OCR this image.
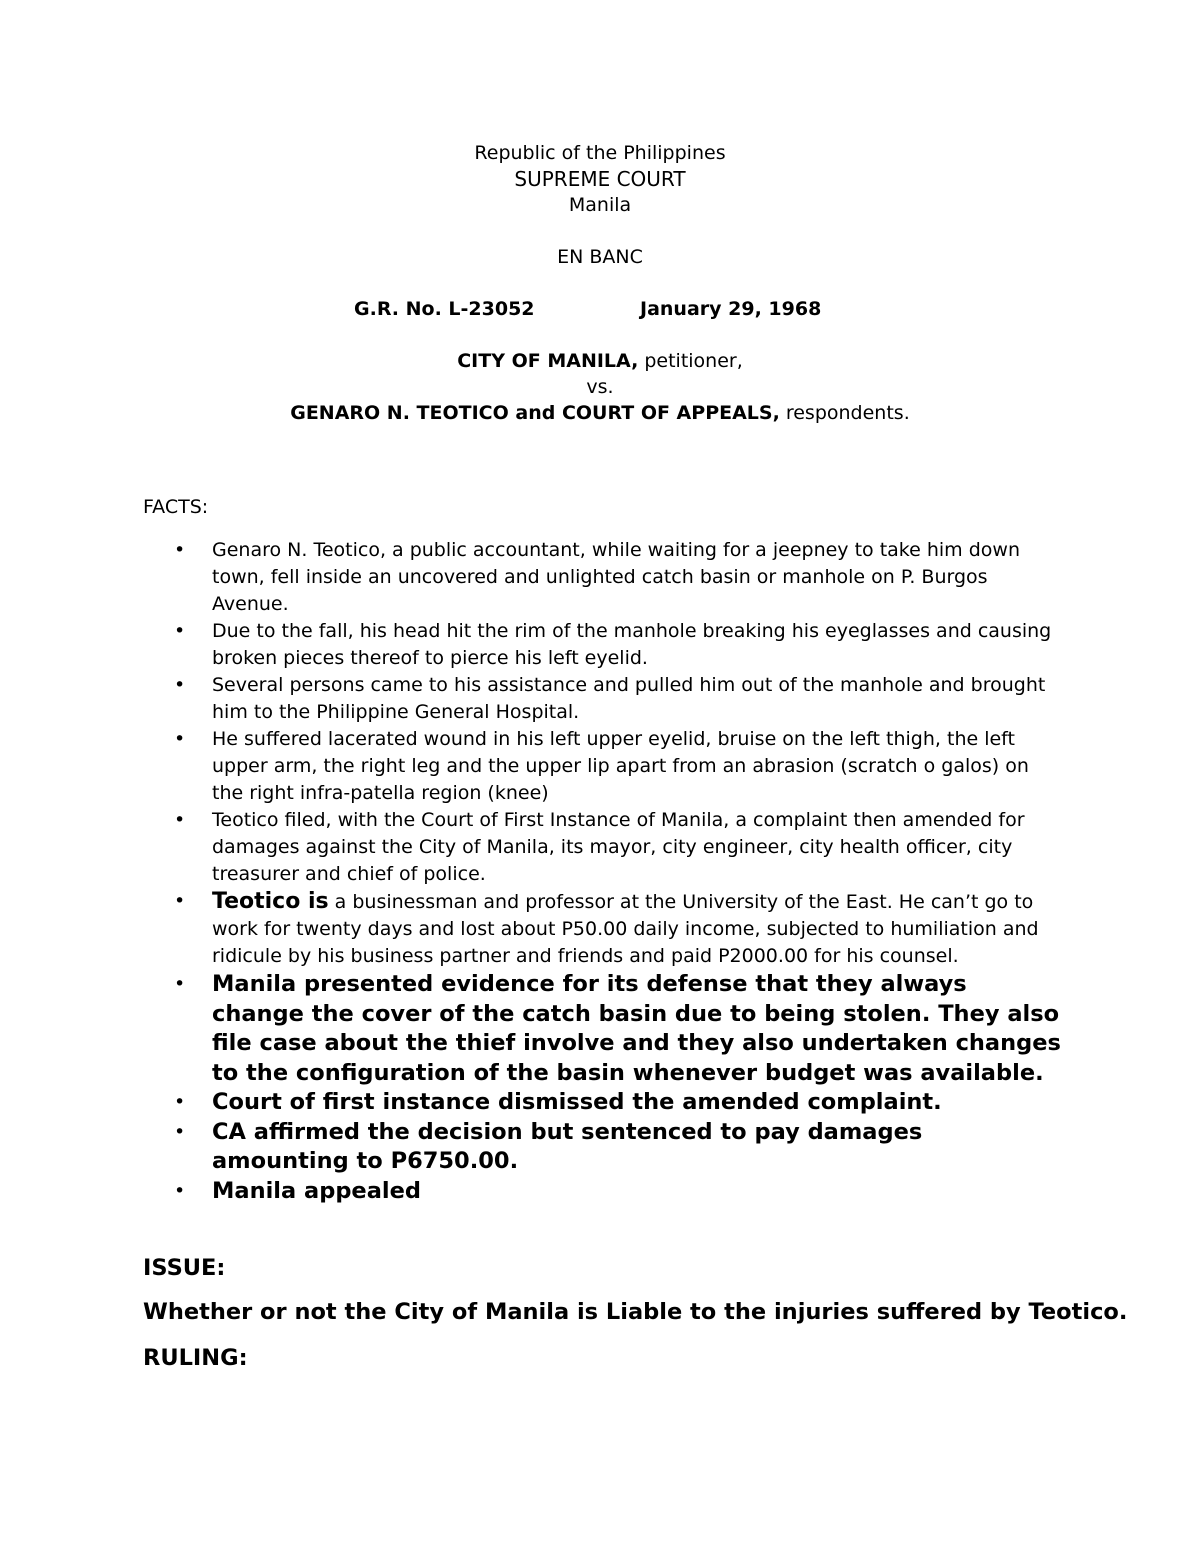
Republic of the Philippines
SUPREME COURT
Manila
EN BANC
G.R. No. L-23052	January 29, 1968
CITY OF MANILA, petitioner,
vs.
GENARO N. TEOTICO and COURT OF APPEALS, respondents.
FACTS:
• Genaro N. Teotico, a public accountant, while waiting for a jeepney to take him down town, fell inside an uncovered and unlighted catch basin or manhole on P. Burgos Avenue.
• Due to the fall, his head hit the rim of the manhole breaking his eyeglasses and causing broken pieces thereof to pierce his left eyelid.
• Several persons came to his assistance and pulled him out of the manhole and brought him to the Philippine General Hospital.
• He suffered lacerated wound in his left upper eyelid, bruise on the left thigh, the left upper arm, the right leg and the upper lip apart from an abrasion (scratch o galos) on the right infra-patella region (knee)
• Teotico filed, with the Court of First Instance of Manila, a complaint then amended for damages against the City of Manila, its mayor, city engineer, city health officer, city treasurer and chief of police.
• Teotico is a businessman and professor at the University of the East. He can’t go to work for twenty days and lost about P50.00 daily income, subjected to humiliation and ridicule by his business partner and friends and paid P2000.00 for his counsel.
• Manila presented evidence for its defense that they always change the cover of the catch basin due to being stolen. They also file case about the thief involve and they also undertaken changes to the configuration of the basin whenever budget was available.
• Court of first instance dismissed the amended complaint.
• CA affirmed the decision but sentenced to pay damages amounting to P6750.00.
• Manila appealed
ISSUE:
Whether or not the City of Manila is Liable to the injuries suffered by Teotico.
RULING:
